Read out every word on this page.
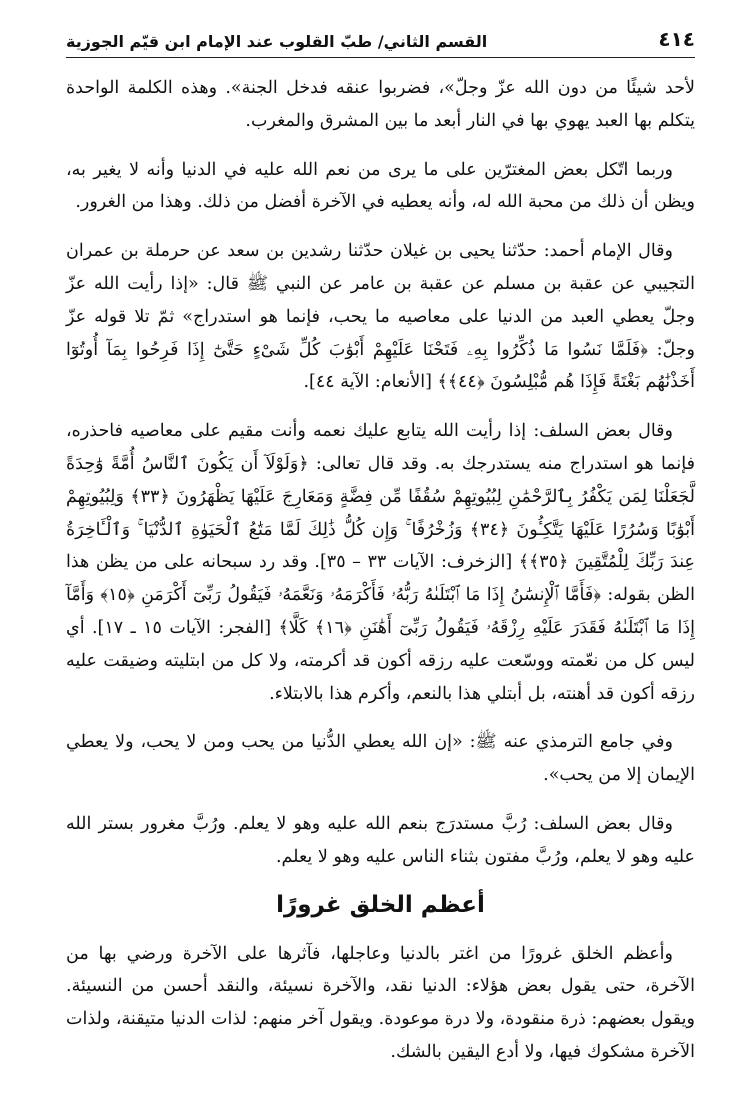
٤١٤
القسم الثاني/ طبّ القلوب عند الإمام ابن قيّم الجوزية

لأحد شيئًا من دون الله عزّ وجلّ»، فضربوا عنقه فدخل الجنة». وهذه الكلمة الواحدة يتكلم بها العبد يهوي بها في النار أبعد ما بين المشرق والمغرب.

وربما اتّكل بعض المغترّين على ما يرى من نعم الله عليه في الدنيا وأنه لا يغير به، ويظن أن ذلك من محبة الله له، وأنه يعطيه في الآخرة أفضل من ذلك. وهذا من الغرور.

وقال الإمام أحمد: حدّثنا يحيى بن غيلان حدّثنا رشدين بن سعد عن حرملة بن عمران التجيبي عن عقبة بن مسلم عن عقبة بن عامر عن النبي ﷺ قال: «إذا رأيت الله عزّ وجلّ يعطي العبد من الدنيا على معاصيه ما يحب، فإنما هو استدراج» ثمّ تلا قوله عزّ وجلّ: ﴿فَلَمَّا نَسُوا مَا ذُكِّرُوا بِهِۦ فَتَحْنَا عَلَيْهِمْ أَبْوَٰبَ كُلِّ شَىْءٍ حَتَّىٰٓ إِذَا فَرِحُوا بِمَآ أُوتُوٓا أَخَذْنَٰهُم بَغْتَةً فَإِذَا هُم مُّبْلِسُونَ ﴿٤٤﴾﴾ [الأنعام: الآية ٤٤].

وقال بعض السلف: إذا رأيت الله يتابع عليك نعمه وأنت مقيم على معاصيه فاحذره، فإنما هو استدراج منه يستدرجك به. وقد قال تعالى: ﴿وَلَوْلَآ أَن يَكُونَ ٱلنَّاسُ أُمَّةً وَٰحِدَةً لَّجَعَلْنَا لِمَن يَكْفُرُ بِٱلرَّحْمَٰنِ لِبُيُوتِهِمْ سُقُفًا مِّن فِضَّةٍ وَمَعَارِجَ عَلَيْهَا يَظْهَرُونَ ﴿٣٣﴾ وَلِبُيُوتِهِمْ أَبْوَٰبًا وَسُرُرًا عَلَيْهَا يَتَّكِـُٔونَ ﴿٣٤﴾ وَزُخْرُفًا ۚ وَإِن كُلُّ ذَٰلِكَ لَمَّا مَتَٰعُ ٱلْحَيَوٰةِ ٱلدُّنْيَا ۚ وَٱلْـَٔاخِرَةُ عِندَ رَبِّكَ لِلْمُتَّقِينَ ﴿٣٥﴾﴾ [الزخرف: الآيات ٣٣ – ٣٥]. وقد رد سبحانه على من يظن هذا الظن بقوله: ﴿فَأَمَّا ٱلْإِنسَٰنُ إِذَا مَا ٱبْتَلَىٰهُ رَبُّهُۥ فَأَكْرَمَهُۥ وَنَعَّمَهُۥ فَيَقُولُ رَبِّىٓ أَكْرَمَنِ ﴿١٥﴾ وَأَمَّآ إِذَا مَا ٱبْتَلَىٰهُ فَقَدَرَ عَلَيْهِ رِزْقَهُۥ فَيَقُولُ رَبِّىٓ أَهَٰنَنِ ﴿١٦﴾ كَلَّا﴾ [الفجر: الآيات ١٥ ـ ١٧]. أي ليس كل من نعّمته ووسّعت عليه رزقه أكون قد أكرمته، ولا كل من ابتليته وضيقت عليه رزقه أكون قد أهنته، بل أبتلي هذا بالنعم، وأكرم هذا بالابتلاء.

وفي جامع الترمذي عنه ﷺ: «إن الله يعطي الدُّنيا من يحب ومن لا يحب، ولا يعطي الإيمان إلا من يحب».

وقال بعض السلف: رُبَّ مستدرَج بنعم الله عليه وهو لا يعلم. ورُبَّ مغرور بستر الله عليه وهو لا يعلم، ورُبَّ مفتون بثناء الناس عليه وهو لا يعلم.

أعظم الخلق غرورًا

وأعظم الخلق غرورًا من اغتر بالدنيا وعاجلها، فآثرها على الآخرة ورضي بها من الآخرة، حتى يقول بعض هؤلاء: الدنيا نقد، والآخرة نسيئة، والنقد أحسن من النسيئة. ويقول بعضهم: ذرة منقودة، ولا درة موعودة. ويقول آخر منهم: لذات الدنيا متيقنة، ولذات الآخرة مشكوك فيها، ولا أدع اليقين بالشك.
